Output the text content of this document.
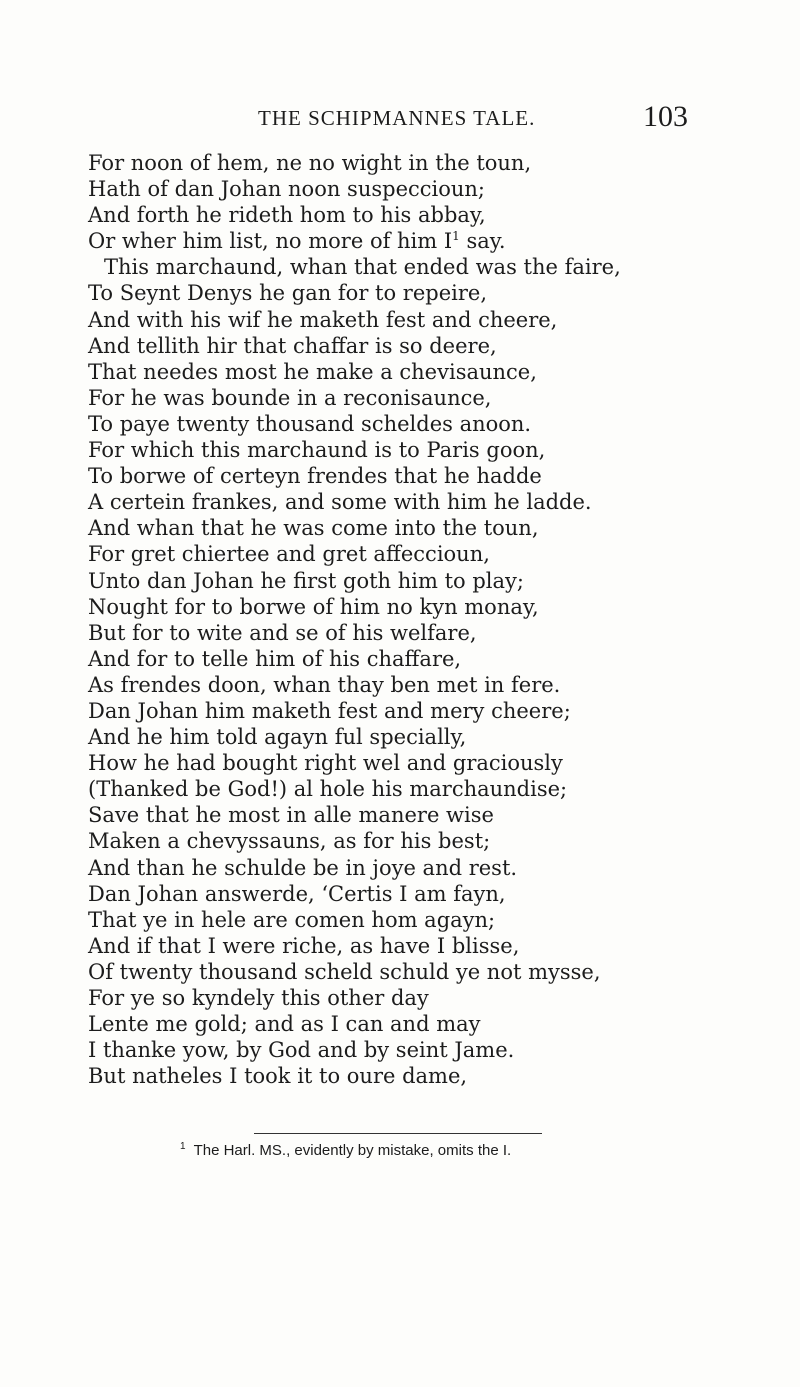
THE SCHIPMANNES TALE.	103
For noon of hem, ne no wight in the toun,
Hath of dan Johan noon suspeccioun;
And forth he rideth hom to his abbay,
Or wher him list, no more of him I$^1$ say.
This marchaund, whan that ended was the faire,
To Seynt Denys he gan for to repeire,
And with his wif he maketh fest and cheere,
And tellith hir that chaffar is so deere,
That needes most he make a chevisaunce,
For he was bounde in a reconisaunce,
To paye twenty thousand scheldes anoon.
For which this marchaund is to Paris goon,
To borwe of certeyn frendes that he hadde
A certein frankes, and some with him he ladde.
And whan that he was come into the toun,
For gret chiertee and gret affeccioun,
Unto dan Johan he first goth him to play;
Nought for to borwe of him no kyn monay,
But for to wite and se of his welfare,
And for to telle him of his chaffare,
As frendes doon, whan thay ben met in fere.
Dan Johan him maketh fest and mery cheere;
And he him told agayn ful specially,
How he had bought right wel and graciously
(Thanked be God!) al hole his marchaundise;
Save that he most in alle manere wise
Maken a chevyssauns, as for his best;
And than he schulde be in joye and rest.
Dan Johan answerde, ‘Certis I am fayn,
That ye in hele are comen hom agayn;
And if that I were riche, as have I blisse,
Of twenty thousand scheld schuld ye not mysse,
For ye so kyndely this other day
Lente me gold; and as I can and may
I thanke yow, by God and by seint Jame.
But natheles I took it to oure dame,
$^1$ The Harl. MS., evidently by mistake, omits the I.
